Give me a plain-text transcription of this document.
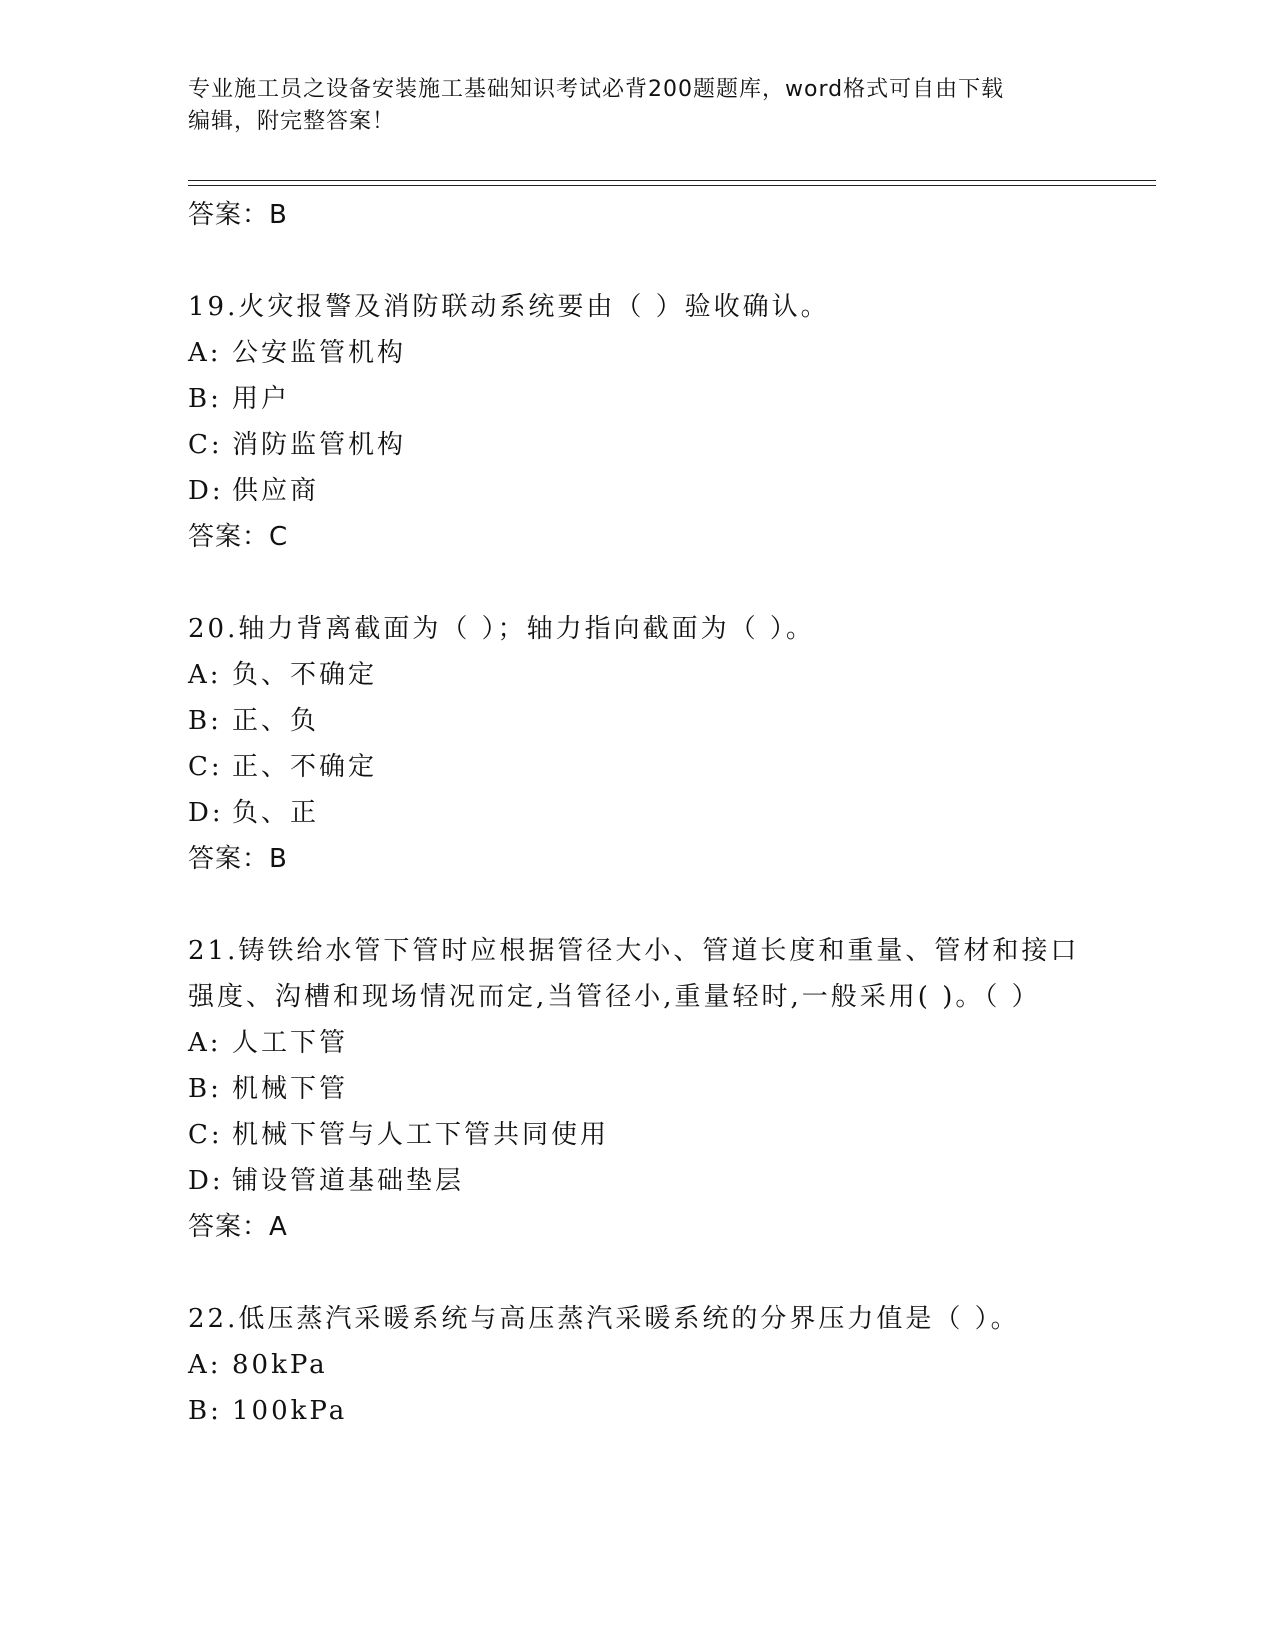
专业施工员之设备安装施工基础知识考试必背200题题库，word格式可自由下载
编辑，附完整答案！

答案：B

19.火灾报警及消防联动系统要由（ ）验收确认。

A: 公安监管机构

B: 用户

C: 消防监管机构

D: 供应商

答案：C

20.轴力背离截面为（ ）；轴力指向截面为（ ）。

A: 负、不确定

B: 正、负

C: 正、不确定

D: 负、正

答案：B

21.铸铁给水管下管时应根据管径大小、管道长度和重量、管材和接口强度、沟槽和现场情况而定,当管径小,重量轻时,一般采用( )。（ ）

A: 人工下管

B: 机械下管

C: 机械下管与人工下管共同使用

D: 铺设管道基础垫层

答案：A

22.低压蒸汽采暖系统与高压蒸汽采暖系统的分界压力值是（ ）。

A: 80kPa

B: 100kPa
